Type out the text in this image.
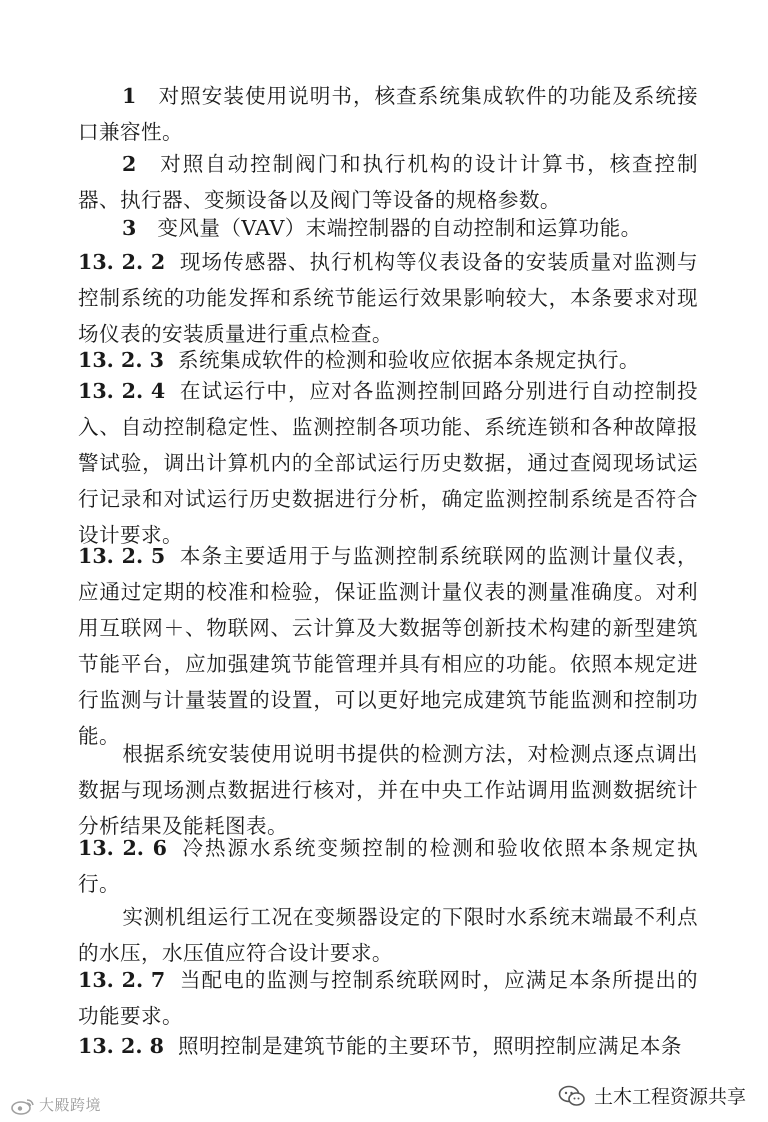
1　 对照安装使用说明书，核查系统集成软件的功能及系统接口兼容性。
2　 对照自动控制阀门和执行机构的设计计算书，核查控制器、执行器、变频设备以及阀门等设备的规格参数。
3　 变风量（VAV）末端控制器的自动控制和运算功能。
13. 2. 2 现场传感器、执行机构等仪表设备的安装质量对监测与控制系统的功能发挥和系统节能运行效果影响较大，本条要求对现场仪表的安装质量进行重点检查。
13. 2. 3 系统集成软件的检测和验收应依据本条规定执行。
13. 2. 4 在试运行中，应对各监测控制回路分别进行自动控制投入、自动控制稳定性、监测控制各项功能、系统连锁和各种故障报警试验，调出计算机内的全部试运行历史数据，通过查阅现场试运行记录和对试运行历史数据进行分析，确定监测控制系统是否符合设计要求。
13. 2. 5 本条主要适用于与监测控制系统联网的监测计量仪表，应通过定期的校准和检验，保证监测计量仪表的测量准确度。对利用互联网＋、物联网、云计算及大数据等创新技术构建的新型建筑节能平台，应加强建筑节能管理并具有相应的功能。依照本规定进行监测与计量装置的设置，可以更好地完成建筑节能监测和控制功能。
根据系统安装使用说明书提供的检测方法，对检测点逐点调出数据与现场测点数据进行核对，并在中央工作站调用监测数据统计分析结果及能耗图表。
13. 2. 6 冷热源水系统变频控制的检测和验收依照本条规定执行。
实测机组运行工况在变频器设定的下限时水系统末端最不利点的水压，水压值应符合设计要求。
13. 2. 7 当配电的监测与控制系统联网时，应满足本条所提出的功能要求。
13. 2. 8 照明控制是建筑节能的主要环节，照明控制应满足本条
大殿跨境	土木工程资源共享
